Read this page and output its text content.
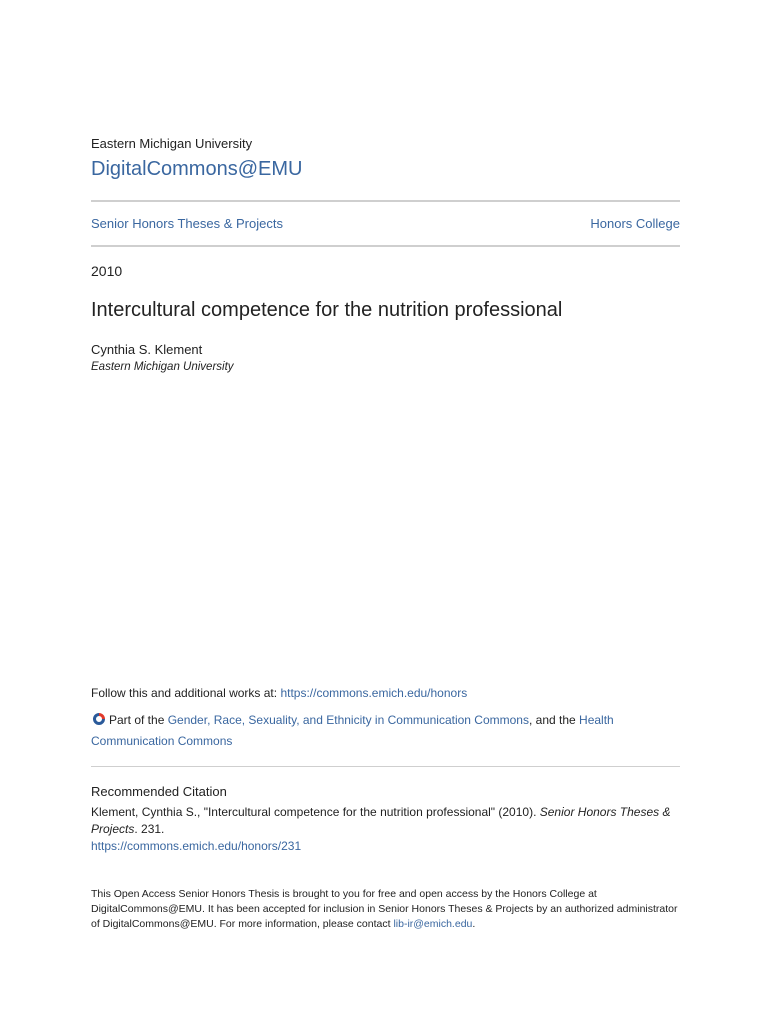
Eastern Michigan University
DigitalCommons@EMU
Senior Honors Theses & Projects	Honors College
2010
Intercultural competence for the nutrition professional
Cynthia S. Klement
Eastern Michigan University
Follow this and additional works at: https://commons.emich.edu/honors
Part of the Gender, Race, Sexuality, and Ethnicity in Communication Commons, and the Health Communication Commons
Recommended Citation
Klement, Cynthia S., "Intercultural competence for the nutrition professional" (2010). Senior Honors Theses & Projects. 231.
https://commons.emich.edu/honors/231
This Open Access Senior Honors Thesis is brought to you for free and open access by the Honors College at DigitalCommons@EMU. It has been accepted for inclusion in Senior Honors Theses & Projects by an authorized administrator of DigitalCommons@EMU. For more information, please contact lib-ir@emich.edu.
